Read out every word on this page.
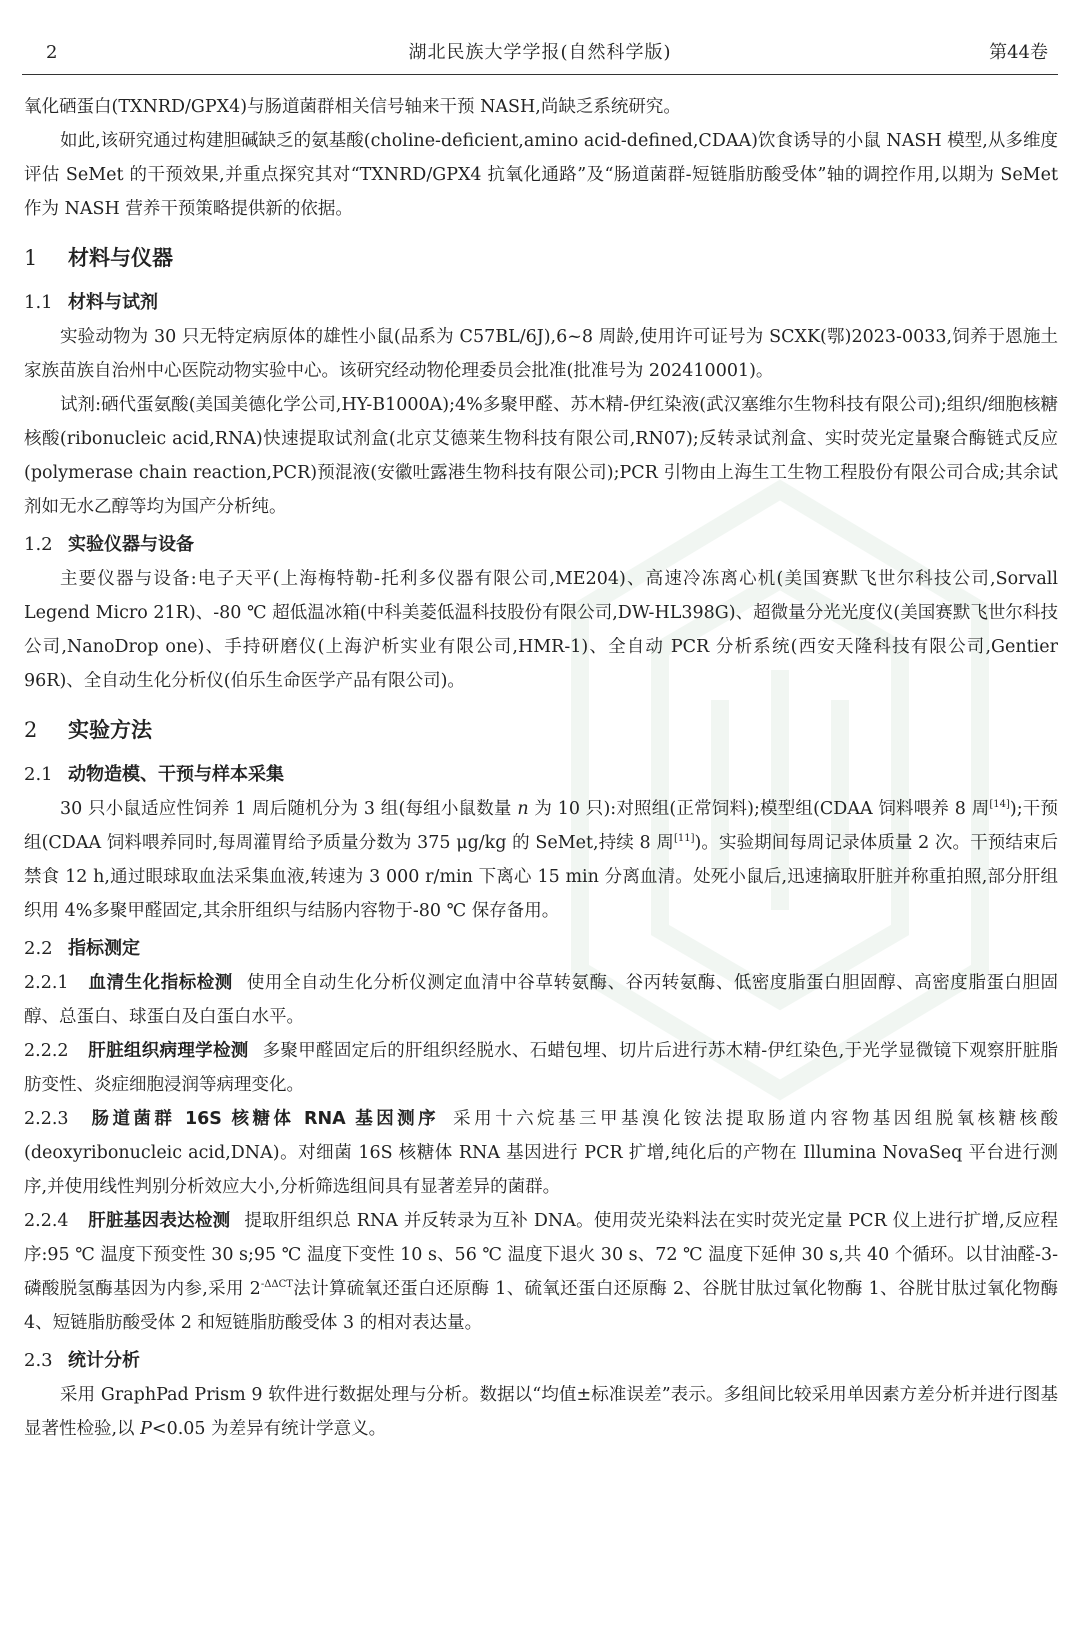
2	湖北民族大学学报(自然科学版)	第44卷

氧化硒蛋白(TXNRD/GPX4)与肠道菌群相关信号轴来干预 NASH,尚缺乏系统研究。

如此,该研究通过构建胆碱缺乏的氨基酸(choline-deficient,amino acid-defined,CDAA)饮食诱导的小鼠 NASH 模型,从多维度评估 SeMet 的干预效果,并重点探究其对“TXNRD/GPX4 抗氧化通路”及“肠道菌群-短链脂肪酸受体”轴的调控作用,以期为 SeMet 作为 NASH 营养干预策略提供新的依据。

1 材料与仪器
1.1 材料与试剂

实验动物为 30 只无特定病原体的雄性小鼠(品系为 C57BL/6J),6~8 周龄,使用许可证号为 SCXK(鄂)2023-0033,饲养于恩施土家族苗族自治州中心医院动物实验中心。该研究经动物伦理委员会批准(批准号为 202410001)。

试剂:硒代蛋氨酸(美国美德化学公司,HY-B1000A);4%多聚甲醛、苏木精-伊红染液(武汉塞维尔生物科技有限公司);组织/细胞核糖核酸(ribonucleic acid,RNA)快速提取试剂盒(北京艾德莱生物科技有限公司,RN07);反转录试剂盒、实时荧光定量聚合酶链式反应(polymerase chain reaction,PCR)预混液(安徽吐露港生物科技有限公司);PCR 引物由上海生工生物工程股份有限公司合成;其余试剂如无水乙醇等均为国产分析纯。

1.2 实验仪器与设备

主要仪器与设备:电子天平(上海梅特勒-托利多仪器有限公司,ME204)、高速冷冻离心机(美国赛默飞世尔科技公司,Sorvall Legend Micro 21R)、-80 ℃ 超低温冰箱(中科美菱低温科技股份有限公司,DW-HL398G)、超微量分光光度仪(美国赛默飞世尔科技公司,NanoDrop one)、手持研磨仪(上海沪析实业有限公司,HMR-1)、全自动 PCR 分析系统(西安天隆科技有限公司,Gentier 96R)、全自动生化分析仪(伯乐生命医学产品有限公司)。

2 实验方法
2.1 动物造模、干预与样本采集

30 只小鼠适应性饲养 1 周后随机分为 3 组(每组小鼠数量 n 为 10 只):对照组(正常饲料);模型组(CDAA 饲料喂养 8 周[14]);干预组(CDAA 饲料喂养同时,每周灌胃给予质量分数为 375 μg/kg 的 SeMet,持续 8 周[11])。实验期间每周记录体质量 2 次。干预结束后禁食 12 h,通过眼球取血法采集血液,转速为 3 000 r/min 下离心 15 min 分离血清。处死小鼠后,迅速摘取肝脏并称重拍照,部分肝组织用 4%多聚甲醛固定,其余肝组织与结肠内容物于-80 ℃ 保存备用。

2.2 指标测定

2.2.1 血清生化指标检测 使用全自动生化分析仪测定血清中谷草转氨酶、谷丙转氨酶、低密度脂蛋白胆固醇、高密度脂蛋白胆固醇、总蛋白、球蛋白及白蛋白水平。

2.2.2 肝脏组织病理学检测 多聚甲醛固定后的肝组织经脱水、石蜡包埋、切片后进行苏木精-伊红染色,于光学显微镜下观察肝脏脂肪变性、炎症细胞浸润等病理变化。

2.2.3 肠道菌群 16S 核糖体 RNA 基因测序 采用十六烷基三甲基溴化铵法提取肠道内容物基因组脱氧核糖核酸(deoxyribonucleic acid,DNA)。对细菌 16S 核糖体 RNA 基因进行 PCR 扩增,纯化后的产物在 Illumina NovaSeq 平台进行测序,并使用线性判别分析效应大小,分析筛选组间具有显著差异的菌群。

2.2.4 肝脏基因表达检测 提取肝组织总 RNA 并反转录为互补 DNA。使用荧光染料法在实时荧光定量 PCR 仪上进行扩增,反应程序:95 ℃ 温度下预变性 30 s;95 ℃ 温度下变性 10 s、56 ℃ 温度下退火 30 s、72 ℃ 温度下延伸 30 s,共 40 个循环。以甘油醛-3-磷酸脱氢酶基因为内参,采用 $2^{-\Delta\Delta CT}$法计算硫氧还蛋白还原酶 1、硫氧还蛋白还原酶 2、谷胱甘肽过氧化物酶 1、谷胱甘肽过氧化物酶 4、短链脂肪酸受体 2 和短链脂肪酸受体 3 的相对表达量。

2.3 统计分析

采用 GraphPad Prism 9 软件进行数据处理与分析。数据以“均值±标准误差”表示。多组间比较采用单因素方差分析并进行图基显著性检验,以 P<0.05 为差异有统计学意义。
